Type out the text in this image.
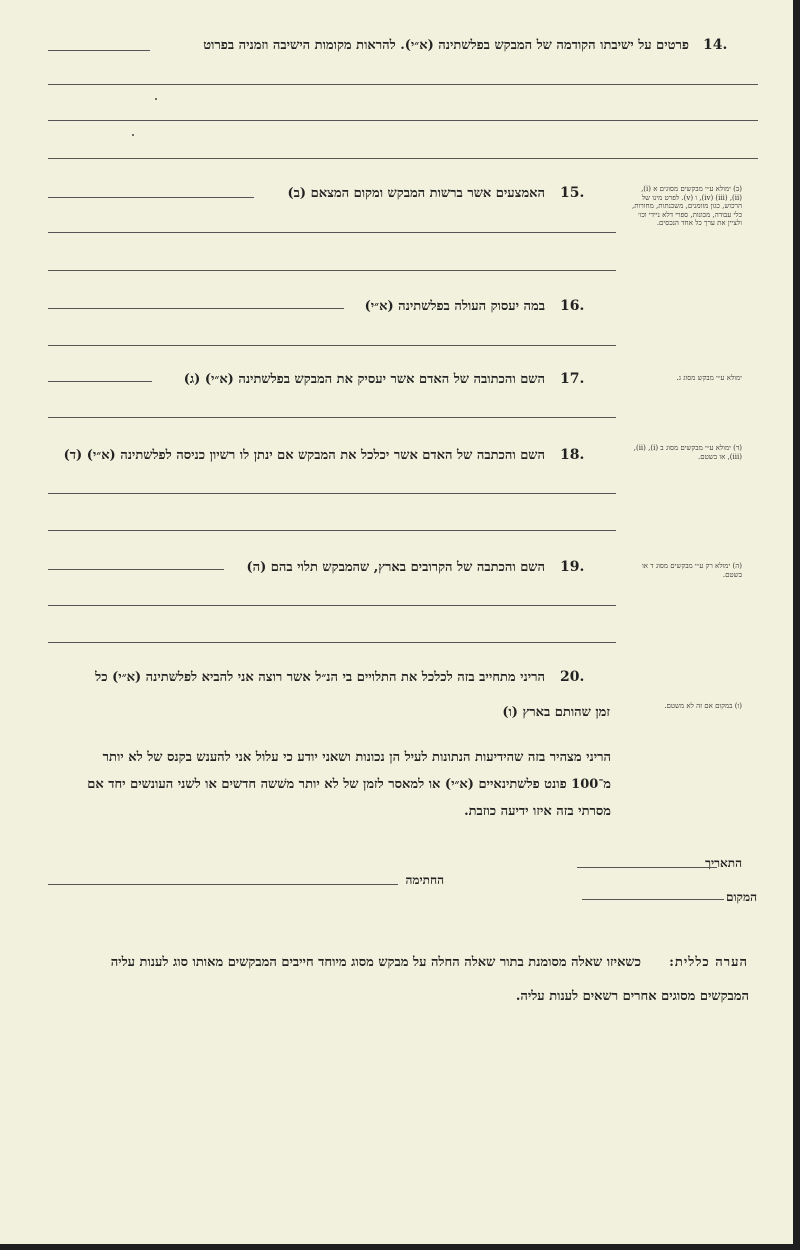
14.
פרטים על ישיבתו הקודמה של המבקש בפלשתינה (א״י). להראות מקומות הישיבה וזמניה בפרוט
15.
האמצעים אשר ברשות המבקש ומקום המצאם (ב)	(ב) ימולא ע״י מבקשים מסוגים א (i), (ii), (iii) (iv), ו (v). לפרט מינו של הרכוש, כגון מזומנים, משכנתות, מחורות, כלי עבודה, מכונות, ספרי דלא ניידי וכו׳ ולציין את ערך כל אחד הנכסים.
16.
במה יעסוק העולה בפלשתינה (א״י)
17.
השם והכתובה של האדם אשר יעסיק את המבקש בפלשתינה (א״י) (ג)	ימולא ע״י מבקש מסוג ג.
18.
השם והכתבה של האדם אשר יכלכל את המבקש אם ינתן לו רשיון כניסה לפלשתינה (א״י) (ד)	(ד) ימולא ע״י מבקשים מסוג ב (i), (ii), (iii), או בשטם.
19.
השם והכתבה של הקרובים בארץ, שהמבקש תלוי בהם (ה)	(ה) ימולא רק ע״י מבקשים מסוג ד או בשטם.
20.
הריני מתחייב בזה לכלכל את התלויים בי הנ״ל אשר רוצה אני להביא לפלשתינה (א״י) כל
זמן שהותם בארץ (ו)	(ו) במקום אם זה לא משטם.
הריני מצהיר בזה שהידיעות הנתונות לעיל הן נכונות ושאני יודע כי עלול אני להענש בקנס של לא יותר
מ־100 פונט פלשתינאיים (א״י) או למאסר לזמן של לא יותר משׁשה חדשים או לשני העונשים יחד אם
מסרתי בזה איזו ידיעה כוזבת.
התאריך
המקום
החתימה
הערה כללית:
כשאיזו שאלה מסומנת בתור שאלה החלה על מבקש מסוג מיוחד חייבים המבקשים מאותו סוג לענות עליה
המבקשים מסוגים אחרים רשאים לענות עליה.
